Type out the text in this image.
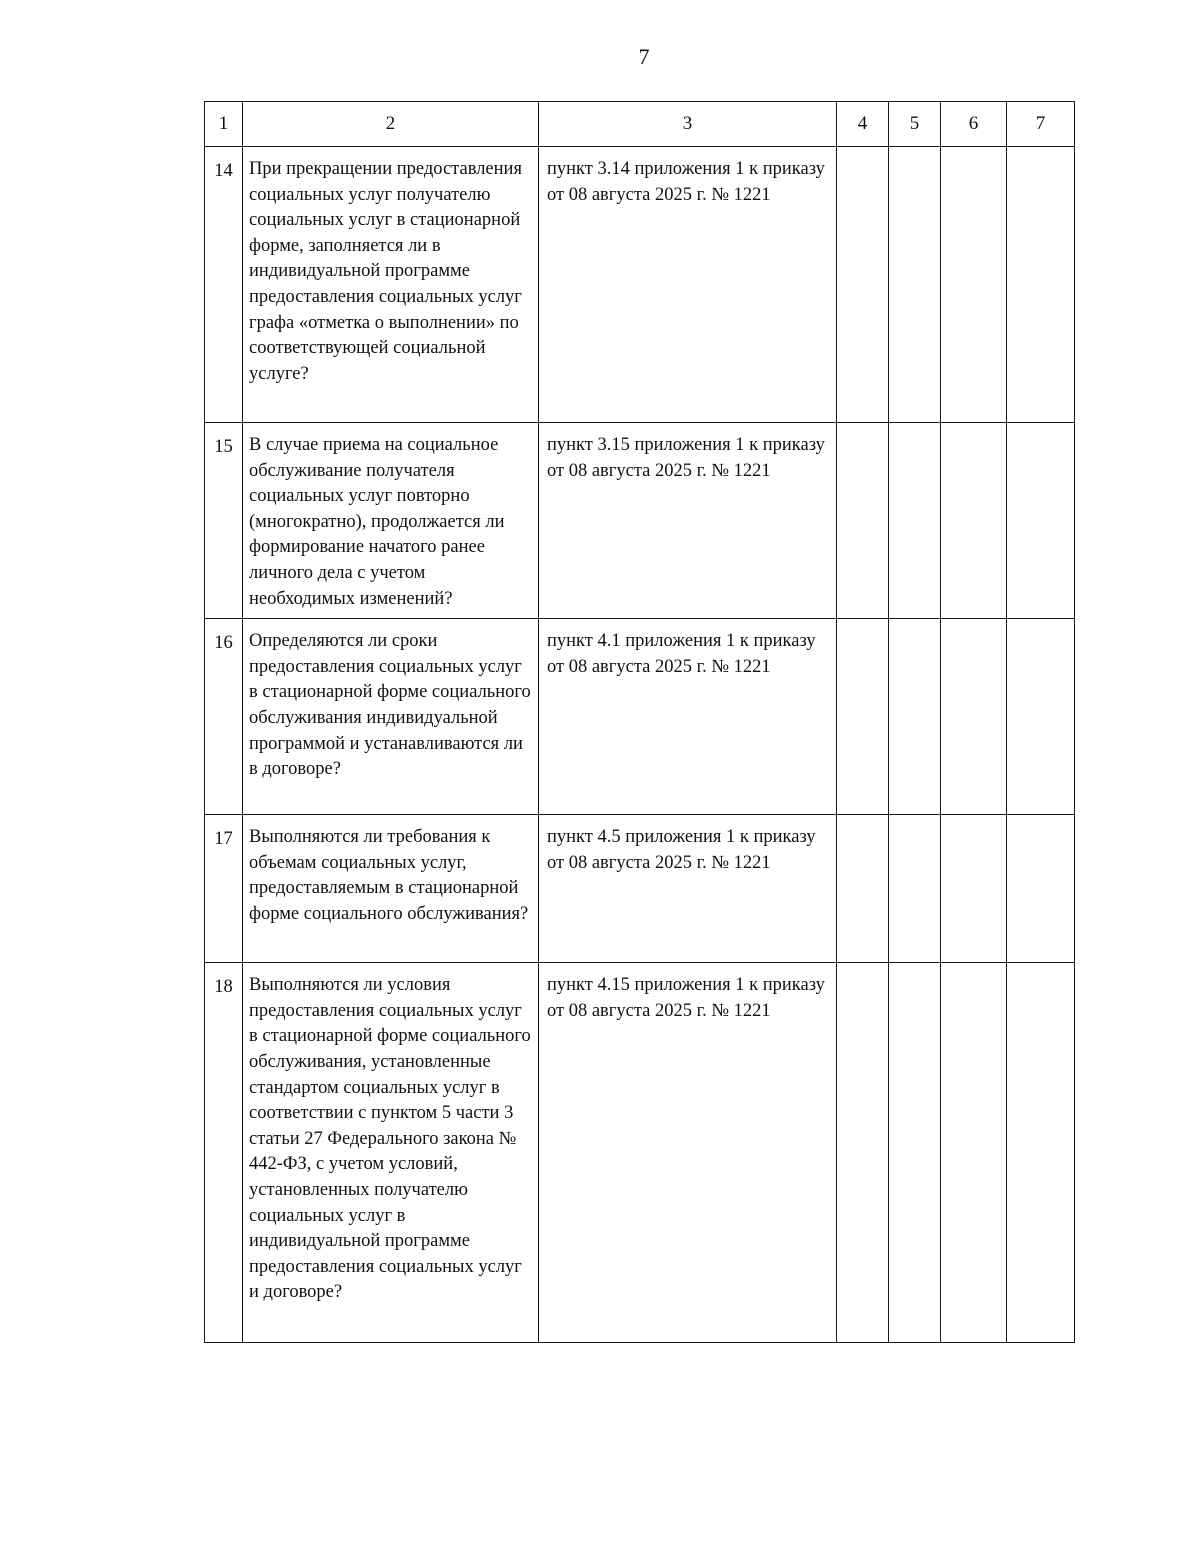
7
1	2	3	4	5	6	7
14	При прекращении предоставления социальных услуг получателю социальных услуг в стационарной форме, заполняется ли в индивидуальной программе предоставления социальных услуг графа «отметка о выполнении» по соответствующей социальной услуге?	пункт 3.14 приложения 1 к приказу от 08 августа 2025 г. № 1221				

15	В случае приема на социальное обслуживание получателя социальных услуг повторно (многократно), продолжается ли формирование начатого ранее личного дела с учетом необходимых изменений?	пункт 3.15 приложения 1 к приказу от 08 августа 2025 г. № 1221				

16	Определяются ли сроки предоставления социальных услуг в стационарной форме социального обслуживания индивидуальной программой и устанавливаются ли в договоре?	пункт 4.1 приложения 1 к приказу от 08 августа 2025 г. № 1221				

17	Выполняются ли требования к объемам социальных услуг, предоставляемым в стационарной форме социального обслуживания?	пункт 4.5 приложения 1 к приказу от 08 августа 2025 г. № 1221				

18	Выполняются ли условия предоставления социальных услуг в стационарной форме социального обслуживания, установленные стандартом социальных услуг в соответствии с пунктом 5 части 3 статьи 27 Федерального закона № 442-ФЗ, с учетом условий, установленных получателю социальных услуг в индивидуальной программе предоставления социальных услуг и договоре?	пункт 4.15 приложения 1 к приказу от 08 августа 2025 г. № 1221				
